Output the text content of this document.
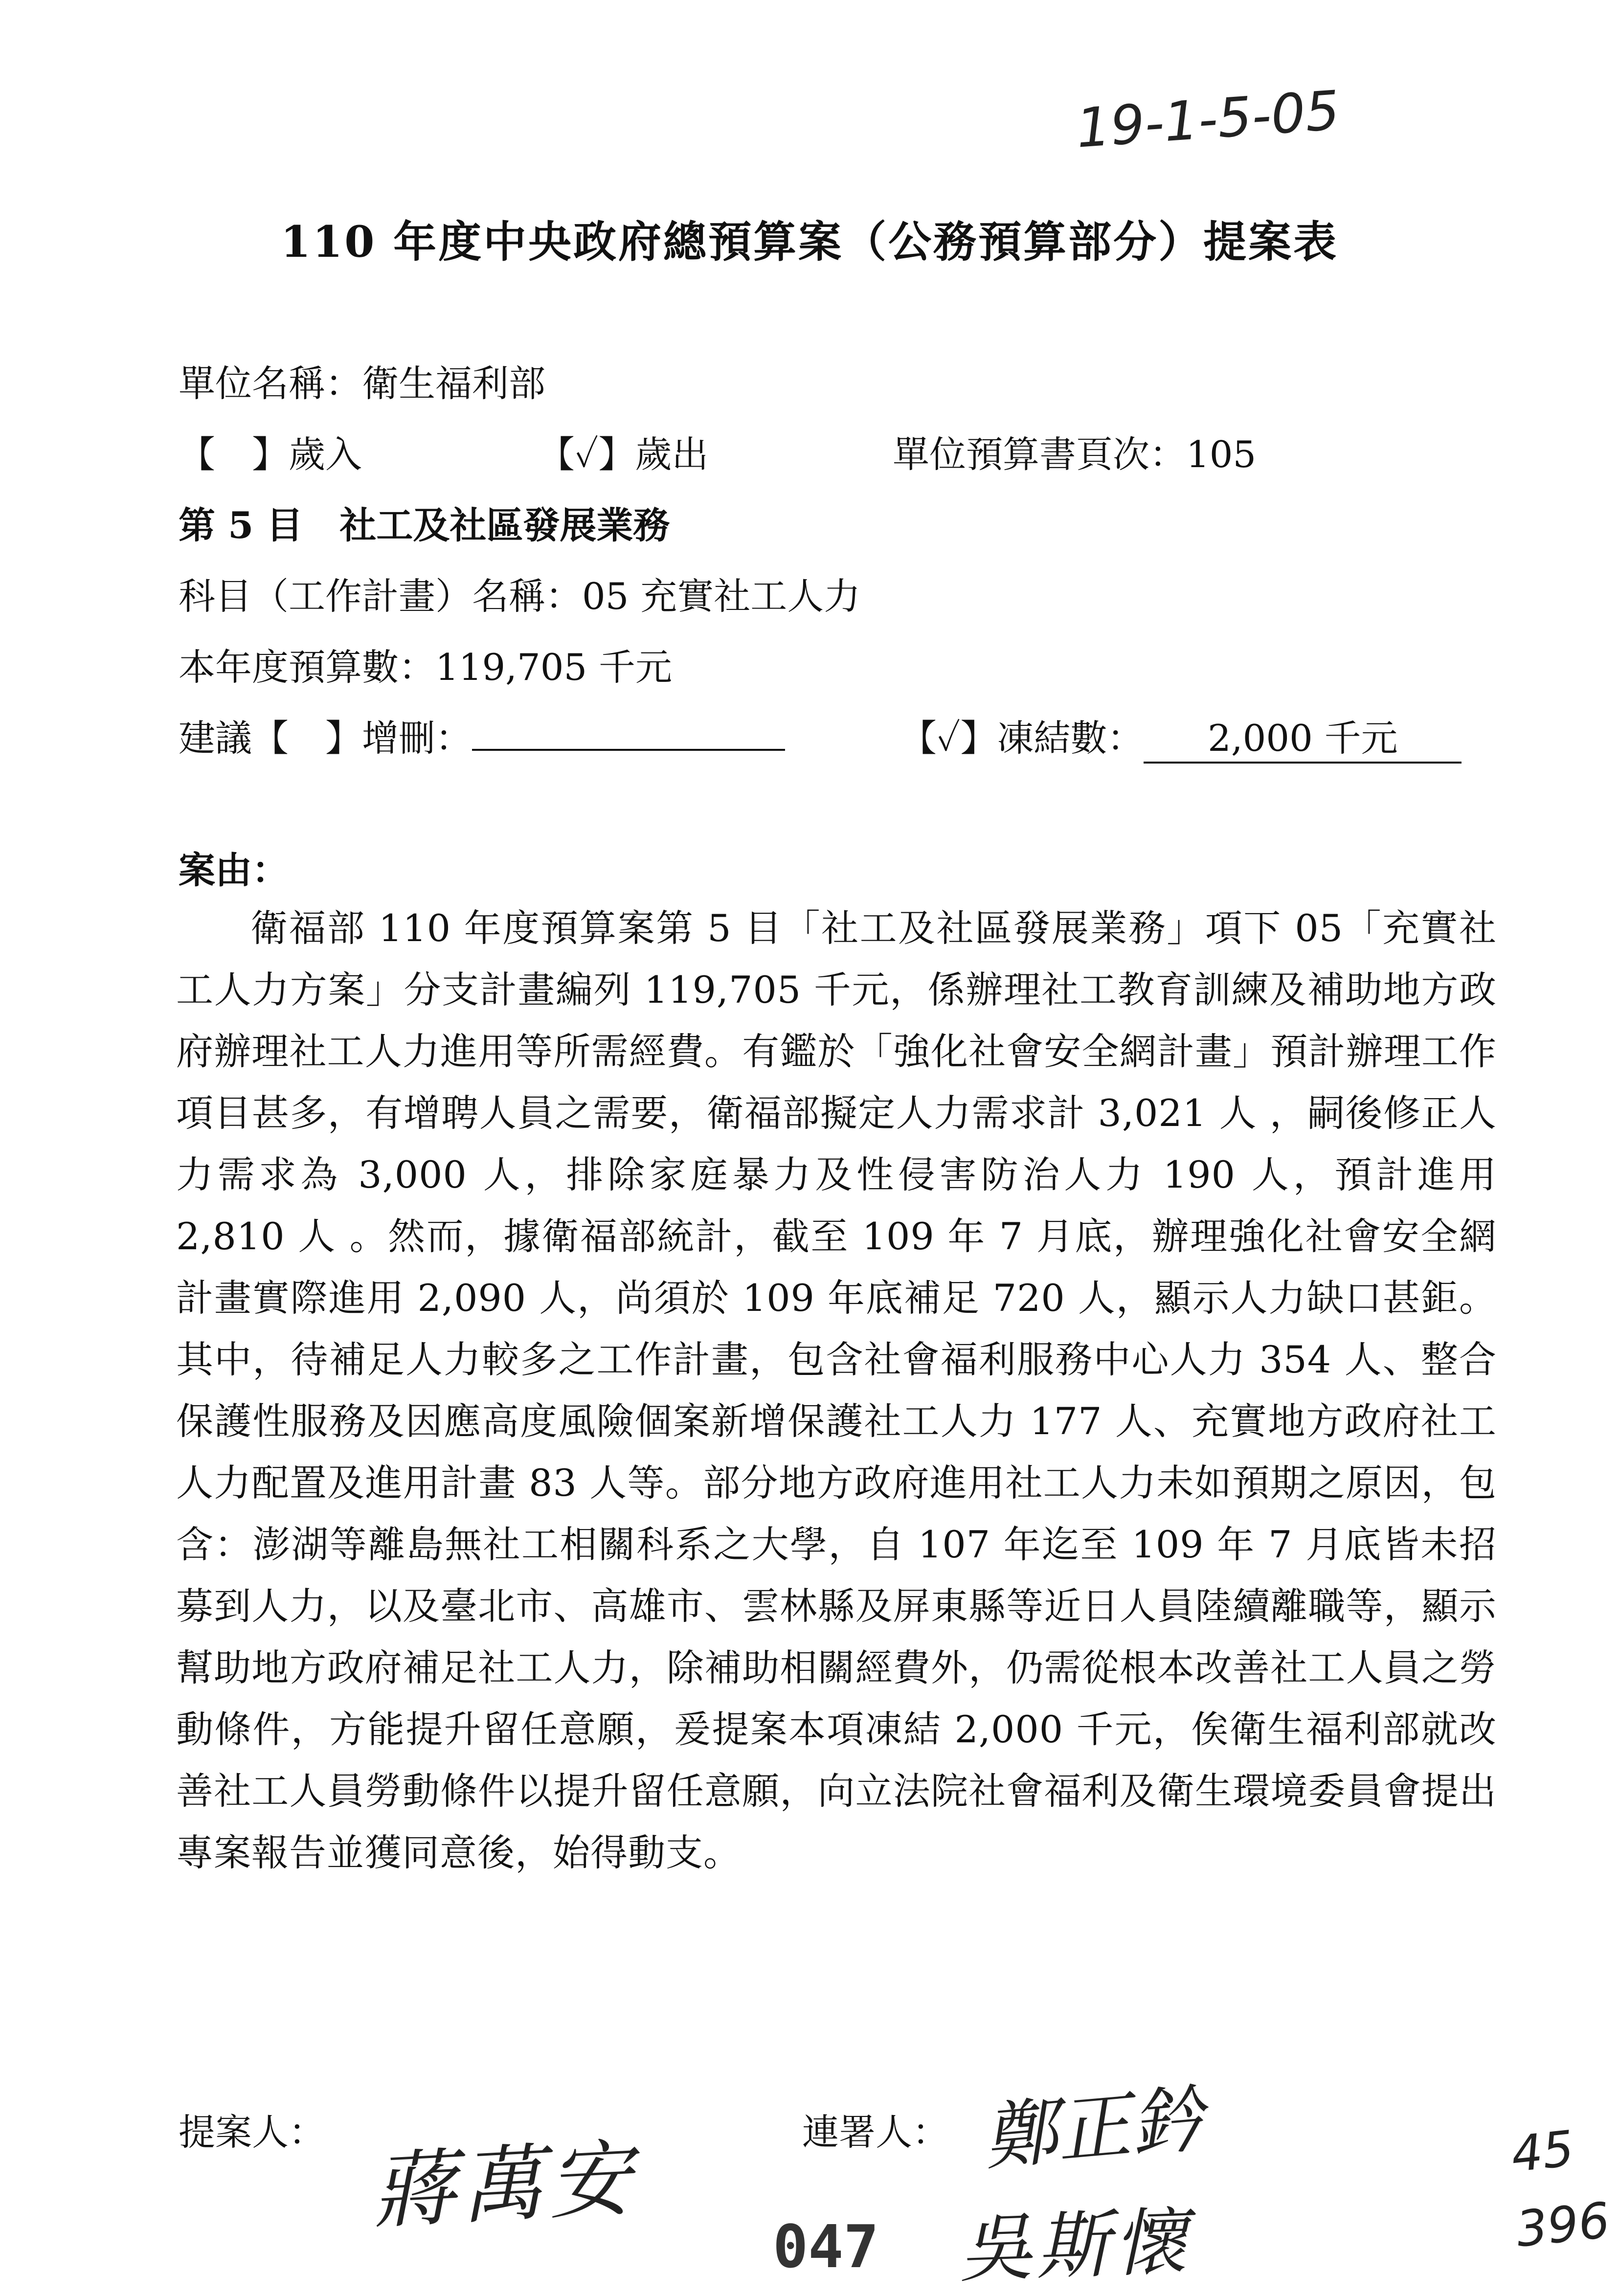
19-1-5-05
110 年度中央政府總預算案（公務預算部分）提案表
單位名稱：衛生福利部
【　】歲入	【✓】歲出	單位預算書頁次：105
第 5 目　社工及社區發展業務
科目（工作計畫）名稱：05 充實社工人力
本年度預算數：119,705 千元
建議【　】增刪：	【✓】凍結數： 2,000 千元
案由：
衛福部 110 年度預算案第 5 目「社工及社區發展業務」項下 05「充實社工人力方案」分支計畫編列 119,705 千元，係辦理社工教育訓練及補助地方政府辦理社工人力進用等所需經費。有鑑於「強化社會安全網計畫」預計辦理工作項目甚多，有增聘人員之需要，衛福部擬定人力需求計 3,021 人 ，嗣後修正人力需求為 3,000 人，排除家庭暴力及性侵害防治人力 190 人，預計進用 2,810 人 。然而，據衛福部統計，截至 109 年 7 月底，辦理強化社會安全網計畫實際進用 2,090 人，尚須於 109 年底補足 720 人，顯示人力缺口甚鉅。其中，待補足人力較多之工作計畫，包含社會福利服務中心人力 354 人、整合保護性服務及因應高度風險個案新增保護社工人力 177 人、充實地方政府社工人力配置及進用計畫 83 人等。部分地方政府進用社工人力未如預期之原因，包含：澎湖等離島無社工相關科系之大學，自 107 年迄至 109 年 7 月底皆未招募到人力，以及臺北市、高雄市、雲林縣及屏東縣等近日人員陸續離職等，顯示幫助地方政府補足社工人力，除補助相關經費外，仍需從根本改善社工人員之勞動條件，方能提升留任意願，爰提案本項凍結 2,000 千元，俟衛生福利部就改善社工人員勞動條件以提升留任意願，向立法院社會福利及衛生環境委員會提出專案報告並獲同意後，始得動支。
提案人： 蔣萬安	連署人： 鄭正鈐
吳斯懷
047
45
396
